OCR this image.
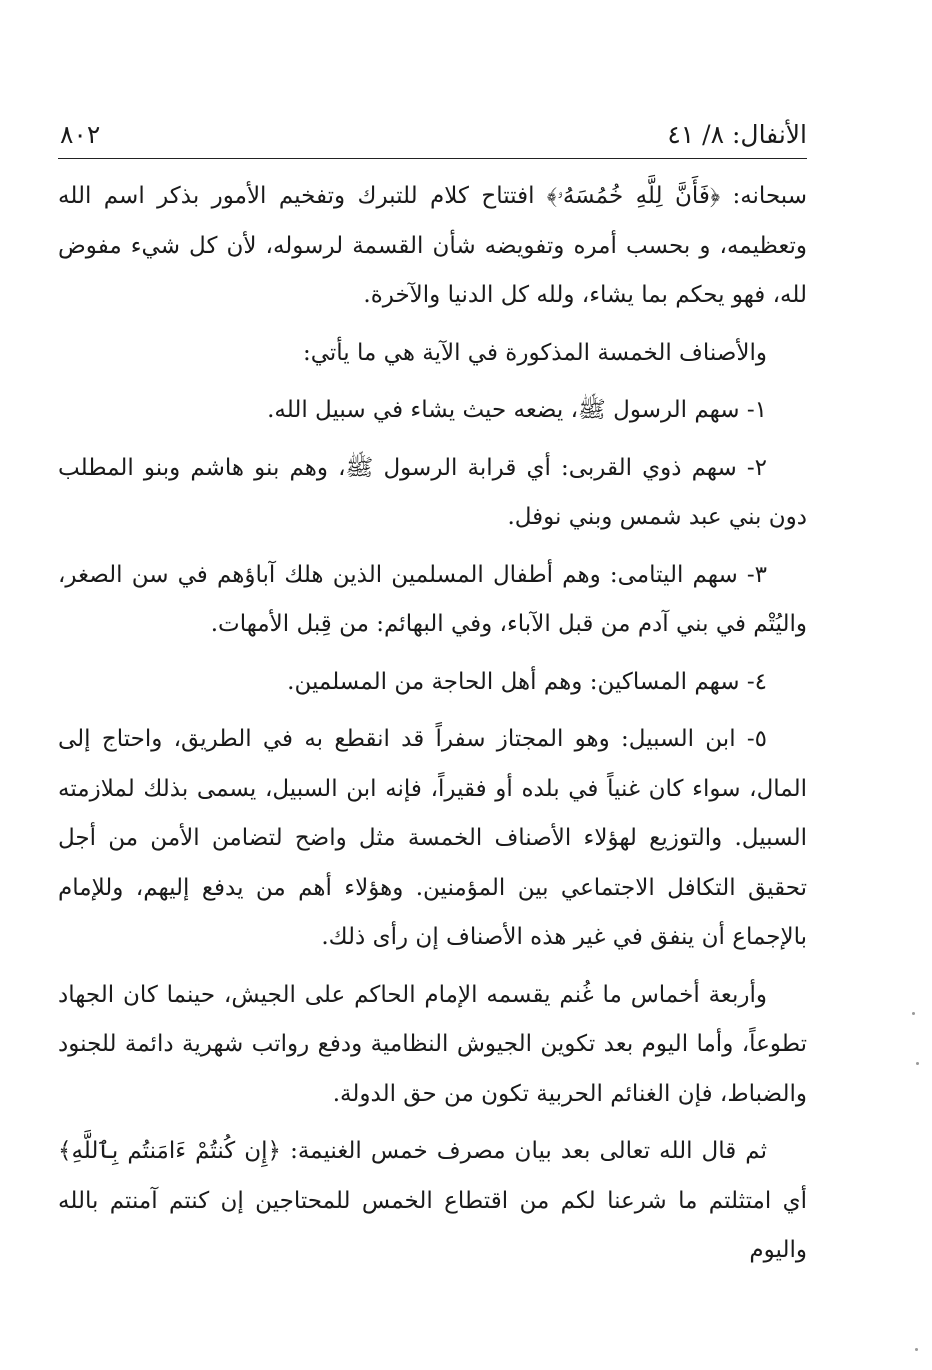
الأنفال: ٨/ ٤١
٨٠٢

سبحانه: ﴿فَأَنَّ لِلَّهِ خُمُسَهُۥ﴾ افتتاح كلام للتبرك وتفخيم الأمور بذكر اسم الله وتعظيمه، و بحسب أمره وتفويضه شأن القسمة لرسوله، لأن كل شيء مفوض لله، فهو يحكم بما يشاء، ولله كل الدنيا والآخرة.

والأصناف الخمسة المذكورة في الآية هي ما يأتي:

١- سهم الرسول ﷺ، يضعه حيث يشاء في سبيل الله.

٢- سهم ذوي القربى: أي قرابة الرسول ﷺ، وهم بنو هاشم وبنو المطلب دون بني عبد شمس وبني نوفل.

٣- سهم اليتامى: وهم أطفال المسلمين الذين هلك آباؤهم في سن الصغر، واليُتْم في بني آدم من قبل الآباء، وفي البهائم: من قِبل الأمهات.

٤- سهم المساكين: وهم أهل الحاجة من المسلمين.

٥- ابن السبيل: وهو المجتاز سفراً قد انقطع به في الطريق، واحتاج إلى المال، سواء كان غنياً في بلده أو فقيراً، فإنه ابن السبيل، يسمى بذلك لملازمته السبيل. والتوزيع لهؤلاء الأصناف الخمسة مثل واضح لتضامن الأمن من أجل تحقيق التكافل الاجتماعي بين المؤمنين. وهؤلاء أهم من يدفع إليهم، وللإمام بالإجماع أن ينفق في غير هذه الأصناف إن رأى ذلك.

وأربعة أخماس ما غُنم يقسمه الإمام الحاكم على الجيش، حينما كان الجهاد تطوعاً، وأما اليوم بعد تكوين الجيوش النظامية ودفع رواتب شهرية دائمة للجنود والضباط، فإن الغنائم الحربية تكون من حق الدولة.

ثم قال الله تعالى بعد بيان مصرف خمس الغنيمة: ﴿إِن كُنتُمْ ءَامَنتُم بِٱللَّهِ﴾ أي امتثلتم ما شرعنا لكم من اقتطاع الخمس للمحتاجين إن كنتم آمنتم بالله واليوم
